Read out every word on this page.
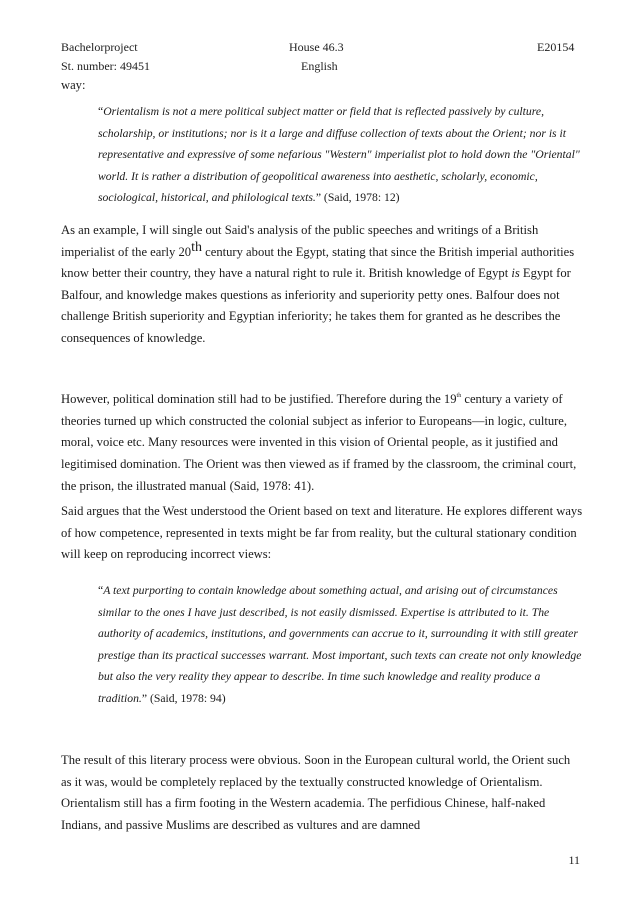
Bachelorproject
St. number: 49451
House 46.3
English
E20154

way:

“Orientalism is not a mere political subject matter or field that is reflected passively by culture, scholarship, or institutions; nor is it a large and diffuse collection of texts about the Orient; nor is it representative and expressive of some nefarious "Western" imperialist plot to hold down the "Oriental" world. It is rather a distribution of geopolitical awareness into aesthetic, scholarly, economic, sociological, historical, and philological texts.” (Said, 1978: 12)

As an example, I will single out Said's analysis of the public speeches and writings of a British imperialist of the early 20th century about the Egypt, stating that since the British imperial authorities know better their country, they have a natural right to rule it. British knowledge of Egypt is Egypt for Balfour, and knowledge makes questions as inferiority and superiority petty ones. Balfour does not challenge British superiority and Egyptian inferiority; he takes them for granted as he describes the consequences of knowledge.

However, political domination still had to be justified. Therefore during the 19th century a variety of theories turned up which constructed the colonial subject as inferior to Europeans—in logic, culture, moral, voice etc. Many resources were invented in this vision of Oriental people, as it justified and legitimised domination. The Orient was then viewed as if framed by the classroom, the criminal court, the prison, the illustrated manual (Said, 1978: 41).

Said argues that the West understood the Orient based on text and literature. He explores different ways of how competence, represented in texts might be far from reality, but the cultural stationary condition will keep on reproducing incorrect views:

“A text purporting to contain knowledge about something actual, and arising out of circumstances similar to the ones I have just described, is not easily dismissed. Expertise is attributed to it. The authority of academics, institutions, and governments can accrue to it, surrounding it with still greater prestige than its practical successes warrant. Most important, such texts can create not only knowledge but also the very reality they appear to describe. In time such knowledge and reality produce a tradition.” (Said, 1978: 94)

The result of this literary process were obvious. Soon in the European cultural world, the Orient such as it was, would be completely replaced by the textually constructed knowledge of Orientalism. Orientalism still has a firm footing in the Western academia. The perfidious Chinese, half-naked Indians, and passive Muslims are described as vultures and are damned

11
